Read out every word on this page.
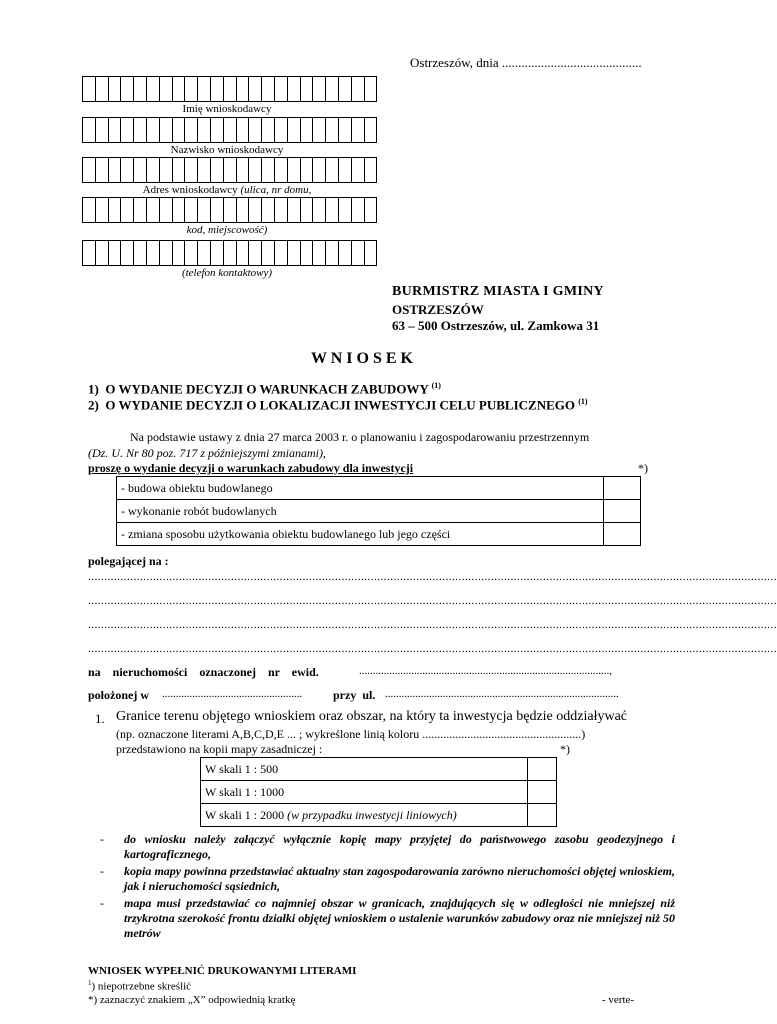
Ostrzeszów, dnia ...........................................
Imię wnioskodawcy
Nazwisko wnioskodawcy
Adres wnioskodawcy (ulica, nr domu,
kod, miejscowość)
(telefon kontaktowy)
BURMISTRZ MIASTA I GMINY
OSTRZESZÓW
63 – 500 Ostrzeszów, ul. Zamkowa 31
W N I O S E K
1) O WYDANIE DECYZJI O WARUNKACH ZABUDOWY $^{(1)}$
2) O WYDANIE DECYZJI O LOKALIZACJI INWESTYCJI CELU PUBLICZNEGO $^{(1)}$
Na podstawie ustawy z dnia 27 marca 2003 r. o planowaniu i zagospodarowaniu przestrzennym
(Dz. U. Nr 80 poz. 717 z późniejszymi zmianami),
proszę o wydanie decyzji o warunkach zabudowy dla inwestycji	*)
- budowa obiektu budowlanego	
- wykonanie robót budowlanych	
- zmiana sposobu użytkowania obiektu budowlanego lub jego części	
polegającej na :
....................................................................................................................................................................................................................
....................................................................................................................................................................................................................
....................................................................................................................................................................................................................
....................................................................................................................................................................................................................
na    nieruchomości    oznaczonej    nr    ewid.	...........................................................................................,
położonej w ...................................................	przy  ul. .....................................................................................
1. Granice terenu objętego wnioskiem oraz obszar, na który ta inwestycja będzie oddziaływać
(np. oznaczone literami A,B,C,D,E ... ; wykreślone linią koloru .....................................................)
przedstawiono na kopii mapy zasadniczej :	*)
W skali 1 : 500	
W skali 1 : 1000	
W skali 1 : 2000 (w przypadku inwestycji liniowych)	
- do wniosku należy załączyć wyłącznie kopię mapy przyjętej do państwowego zasobu geodezyjnego i kartograficznego,
- kopia mapy powinna przedstawiać aktualny stan zagospodarowania zarówno nieruchomości objętej wnioskiem, jak i nieruchomości sąsiednich,
- mapa musi przedstawiać co najmniej obszar w granicach, znajdujących się w odległości nie mniejszej niż trzykrotna szerokość frontu działki objętej wnioskiem o ustalenie warunków zabudowy oraz nie mniejszej niż 50 metrów
WNIOSEK WYPEŁNIĆ DRUKOWANYMI LITERAMI
$^1$) niepotrzebne skreślić
*) zaznaczyć znakiem „X” odpowiednią kratkę	- verte-
